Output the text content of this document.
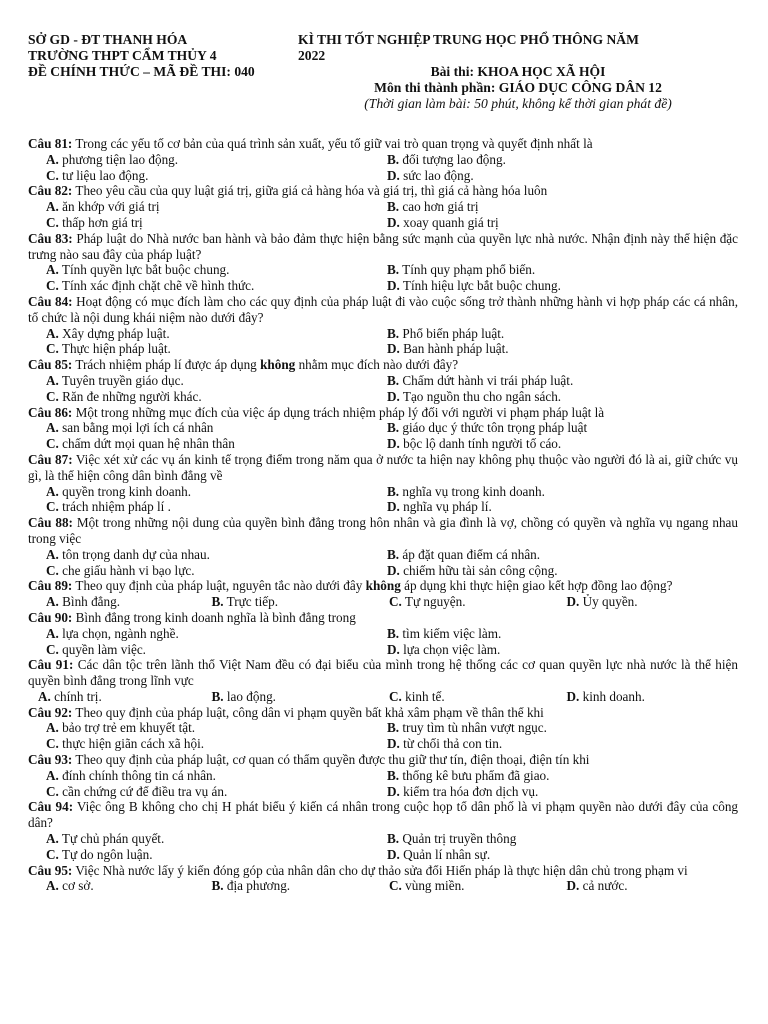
SỞ GD - ĐT THANH HÓA
TRƯỜNG THPT CẨM THỦY 4
ĐỀ CHÍNH THỨC – MÃ ĐỀ THI: 040
KÌ THI TỐT NGHIỆP TRUNG HỌC PHỔ THÔNG NĂM
2022
Bài thi: KHOA HỌC XÃ HỘI
Môn thi thành phần: GIÁO DỤC CÔNG DÂN 12
(Thời gian làm bài: 50 phút, không kể thời gian phát đề)
Câu 81: Trong các yếu tố cơ bản của quá trình sản xuất, yếu tố giữ vai trò quan trọng và quyết định nhất là
A. phương tiện lao động.	B. đối tượng lao động.
C. tư liệu lao động.	D. sức lao động.
Câu 82: Theo yêu cầu của quy luật giá trị, giữa giá cả hàng hóa và giá trị, thì giá cả hàng hóa luôn
A. ăn khớp với giá trị	B. cao hơn giá trị
C. thấp hơn giá trị	D. xoay quanh giá trị
Câu 83: Pháp luật do Nhà nước ban hành và bảo đảm thực hiện bằng sức mạnh của quyền lực nhà nước. Nhận định này thể hiện đặc trưng nào sau đây của pháp luật?
A. Tính quyền lực bắt buộc chung.	B. Tính quy phạm phổ biến.
C. Tính xác định chặt chẽ về hình thức.	D. Tính hiệu lực bắt buộc chung.
Câu 84: Hoạt động có mục đích làm cho các quy định của pháp luật đi vào cuộc sống trở thành những hành vi hợp pháp các cá nhân, tổ chức là nội dung khái niệm nào dưới đây?
A. Xây dựng pháp luật.	B. Phổ biến pháp luật.
C. Thực hiện pháp luật.	D. Ban hành pháp luật.
Câu 85: Trách nhiệm pháp lí được áp dụng không nhằm mục đích nào dưới đây?
A. Tuyên truyền giáo dục.	B. Chấm dứt hành vi trái pháp luật.
C. Răn đe những người khác.	D. Tạo nguồn thu cho ngân sách.
Câu 86: Một trong những mục đích của việc áp dụng trách nhiệm pháp lý đối với người vi phạm pháp luật là
A. san bằng mọi lợi ích cá nhân	B. giáo dục ý thức tôn trọng pháp luật
C. chấm dứt mọi quan hệ nhân thân	D. bộc lộ danh tính người tố cáo.
Câu 87: Việc xét xử các vụ án kinh tế trọng điểm trong năm qua ở nước ta hiện nay không phụ thuộc vào người đó là ai, giữ chức vụ gì, là thể hiện công dân bình đẳng về
A. quyền trong kinh doanh.	B. nghĩa vụ trong kinh doanh.
C. trách nhiệm pháp lí .	D. nghĩa vụ pháp lí.
Câu 88: Một trong những nội dung của quyền bình đẳng trong hôn nhân và gia đình là vợ, chồng có quyền và nghĩa vụ ngang nhau trong việc
A. tôn trọng danh dự của nhau.	B. áp đặt quan điểm cá nhân.
C. che giấu hành vi bạo lực.	D. chiếm hữu tài sản công cộng.
Câu 89: Theo quy định của pháp luật, nguyên tắc nào dưới đây không áp dụng khi thực hiện giao kết hợp đồng lao động?
A. Bình đẳng.	B. Trực tiếp.	C. Tự nguyện.	D. Ủy quyền.
Câu 90: Bình đẳng trong kinh doanh nghĩa là bình đẳng trong
A. lựa chọn, ngành nghề.	B. tìm kiếm việc làm.
C. quyền làm việc.	D. lựa chọn việc làm.
Câu 91: Các dân tộc trên lãnh thổ Việt Nam đều có đại biểu của mình trong hệ thống các cơ quan quyền lực nhà nước là thể hiện quyền bình đẳng trong lĩnh vực
A. chính trị.	B. lao động.	C. kinh tế.	D. kinh doanh.
Câu 92: Theo quy định của pháp luật, công dân vi phạm quyền bất khả xâm phạm về thân thể khi
A. bảo trợ trẻ em khuyết tật.	B. truy tìm tù nhân vượt ngục.
C. thực hiện giãn cách xã hội.	D. từ chối thả con tin.
Câu 93: Theo quy định của pháp luật, cơ quan có thẩm quyền được thu giữ thư tín, điện thoại, điện tín khi
A. đính chính thông tin cá nhân.	B. thống kê bưu phẩm đã giao.
C. cần chứng cứ để điều tra vụ án.	D. kiểm tra hóa đơn dịch vụ.
Câu 94: Việc ông B không cho chị H phát biểu ý kiến cá nhân trong cuộc họp tổ dân phố là vi phạm quyền nào dưới đây của công dân?
A. Tự chủ phán quyết.	B. Quản trị truyền thông
C. Tự do ngôn luận.	D. Quản lí nhân sự.
Câu 95: Việc Nhà nước lấy ý kiến đóng góp của nhân dân cho dự thảo sửa đổi Hiến pháp là thực hiện dân chủ trong phạm vi
A. cơ sở.	B. địa phương.	C. vùng miền.	D. cả nước.
